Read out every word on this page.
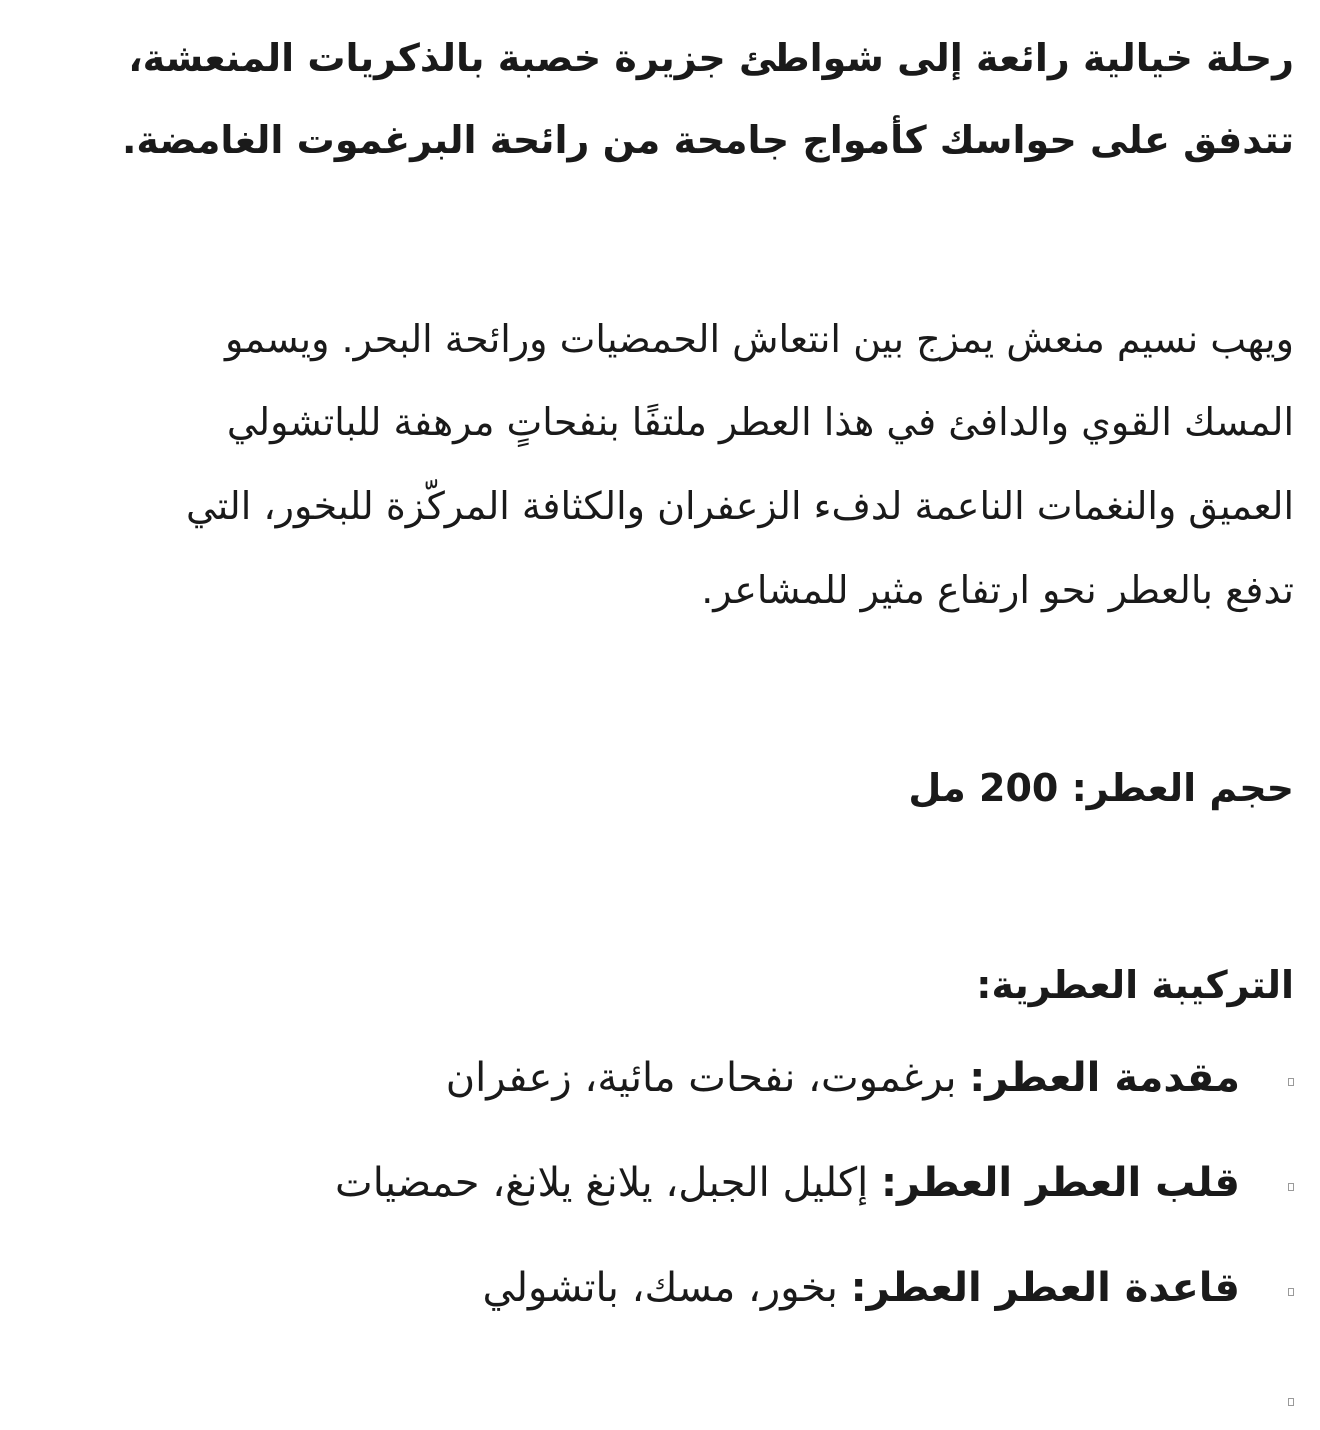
رحلة خيالية رائعة إلى شواطئ جزيرة خصبة بالذكريات المنعشة،
تتدفق على حواسك كأمواج جامحة من رائحة البرغموت الغامضة.
ويهب نسيم منعش يمزج بين انتعاش الحمضيات ورائحة البحر. ويسمو
المسك القوي والدافئ في هذا العطر ملتفًا بنفحاتٍ مرهفة للباتشولي
العميق والنغمات الناعمة لدفء الزعفران والكثافة المركّزة للبخور، التي
تدفع بالعطر نحو ارتفاع مثير للمشاعر.
حجم العطر: 200 مل
التركيبة العطرية:
مقدمة العطر: برغموت، نفحات مائية، زعفران
قلب العطر العطر: إكليل الجبل، يلانغ يلانغ، حمضيات
قاعدة العطر العطر: بخور، مسك، باتشولي
